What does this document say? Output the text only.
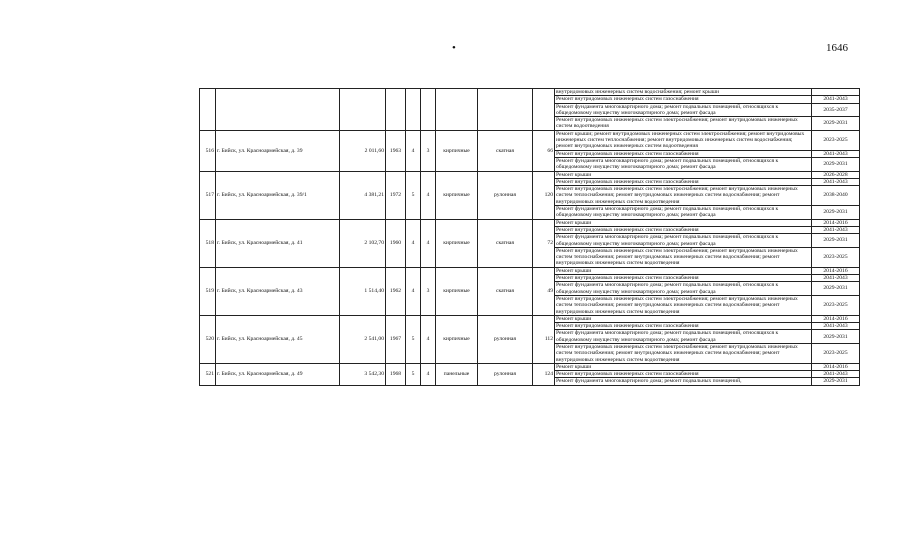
•	1646
									внутридомовых инженерных систем водоснабжения; ремонт крыши	
									Ремонт внутридомовых инженерных систем газоснабжения	2041-2043
									Ремонт фундамента многоквартирного дома; ремонт подвальных помещений, относящихся к общедомовому имуществу многоквартирного дома; ремонт фасада	2035-2037
									Ремонт внутридомовых инженерных систем электроснабжения; ремонт внутридомовых инженерных систем водоотведения	2029-2031
516	г. Бийск, ул. Красноармейская, д. 39	2 011,60	1963	4	3	кирпичные	скатная	66	Ремонт крыши; ремонт внутридомовых инженерных систем электроснабжения; ремонт внутридомовых инженерных систем теплоснабжения; ремонт внутридомовых инженерных систем водоснабжения; ремонт внутридомовых инженерных систем водоотведения	2023-2025
									Ремонт внутридомовых инженерных систем газоснабжения	2041-2043
									Ремонт фундамента многоквартирного дома; ремонт подвальных помещений, относящихся к общедомовому имуществу многоквартирного дома; ремонт фасада	2029-2031
517	г. Бийск, ул. Красноармейская, д. 39/1	4 381,21	1972	5	4	кирпичные	рулонная	120	Ремонт крыши	2026-2028
									Ремонт внутридомовых инженерных систем газоснабжения	2041-2043
									Ремонт внутридомовых инженерных систем электроснабжения; ремонт внутридомовых инженерных систем теплоснабжения; ремонт внутридомовых инженерных систем водоснабжения; ремонт внутридомовых инженерных систем водоотведения	2038-2040
									Ремонт фундамента многоквартирного дома; ремонт подвальных помещений, относящихся к общедомовому имуществу многоквартирного дома; ремонт фасада	2029-2031
518	г. Бийск, ул. Красноармейская, д. 41	2 102,70	1960	4	4	кирпичные	скатная	72	Ремонт крыши	2014-2016
									Ремонт внутридомовых инженерных систем газоснабжения	2041-2043
									Ремонт фундамента многоквартирного дома; ремонт подвальных помещений, относящихся к общедомовому имуществу многоквартирного дома; ремонт фасада	2029-2031
									Ремонт внутридомовых инженерных систем электроснабжения; ремонт внутридомовых инженерных систем теплоснабжения; ремонт внутридомовых инженерных систем водоснабжения; ремонт внутридомовых инженерных систем водоотведения	2023-2025
519	г. Бийск, ул. Красноармейская, д. 43	1 514,40	1962	4	3	кирпичные	скатная	49	Ремонт крыши	2014-2016
									Ремонт внутридомовых инженерных систем газоснабжения	2041-2043
									Ремонт фундамента многоквартирного дома; ремонт подвальных помещений, относящихся к общедомовому имуществу многоквартирного дома; ремонт фасада	2029-2031
									Ремонт внутридомовых инженерных систем электроснабжения; ремонт внутридомовых инженерных систем теплоснабжения; ремонт внутридомовых инженерных систем водоснабжения; ремонт внутридомовых инженерных систем водоотведения	2023-2025
520	г. Бийск, ул. Красноармейская, д. 45	2 541,00	1967	5	4	кирпичные	рулонная	112	Ремонт крыши	2014-2016
									Ремонт внутридомовых инженерных систем газоснабжения	2041-2043
									Ремонт фундамента многоквартирного дома; ремонт подвальных помещений, относящихся к общедомовому имуществу многоквартирного дома; ремонт фасада	2029-2031
									Ремонт внутридомовых инженерных систем электроснабжения; ремонт внутридомовых инженерных систем теплоснабжения; ремонт внутридомовых инженерных систем водоснабжения; ремонт внутридомовых инженерных систем водоотведения	2023-2025
521	г. Бийск, ул. Красноармейская, д. 49	3 542,30	1968	5	4	панельные	рулонная	124	Ремонт крыши	2014-2016
									Ремонт внутридомовых инженерных систем газоснабжения	2041-2043
									Ремонт фундамента многоквартирного дома; ремонт подвальных помещений,	2029-2031
